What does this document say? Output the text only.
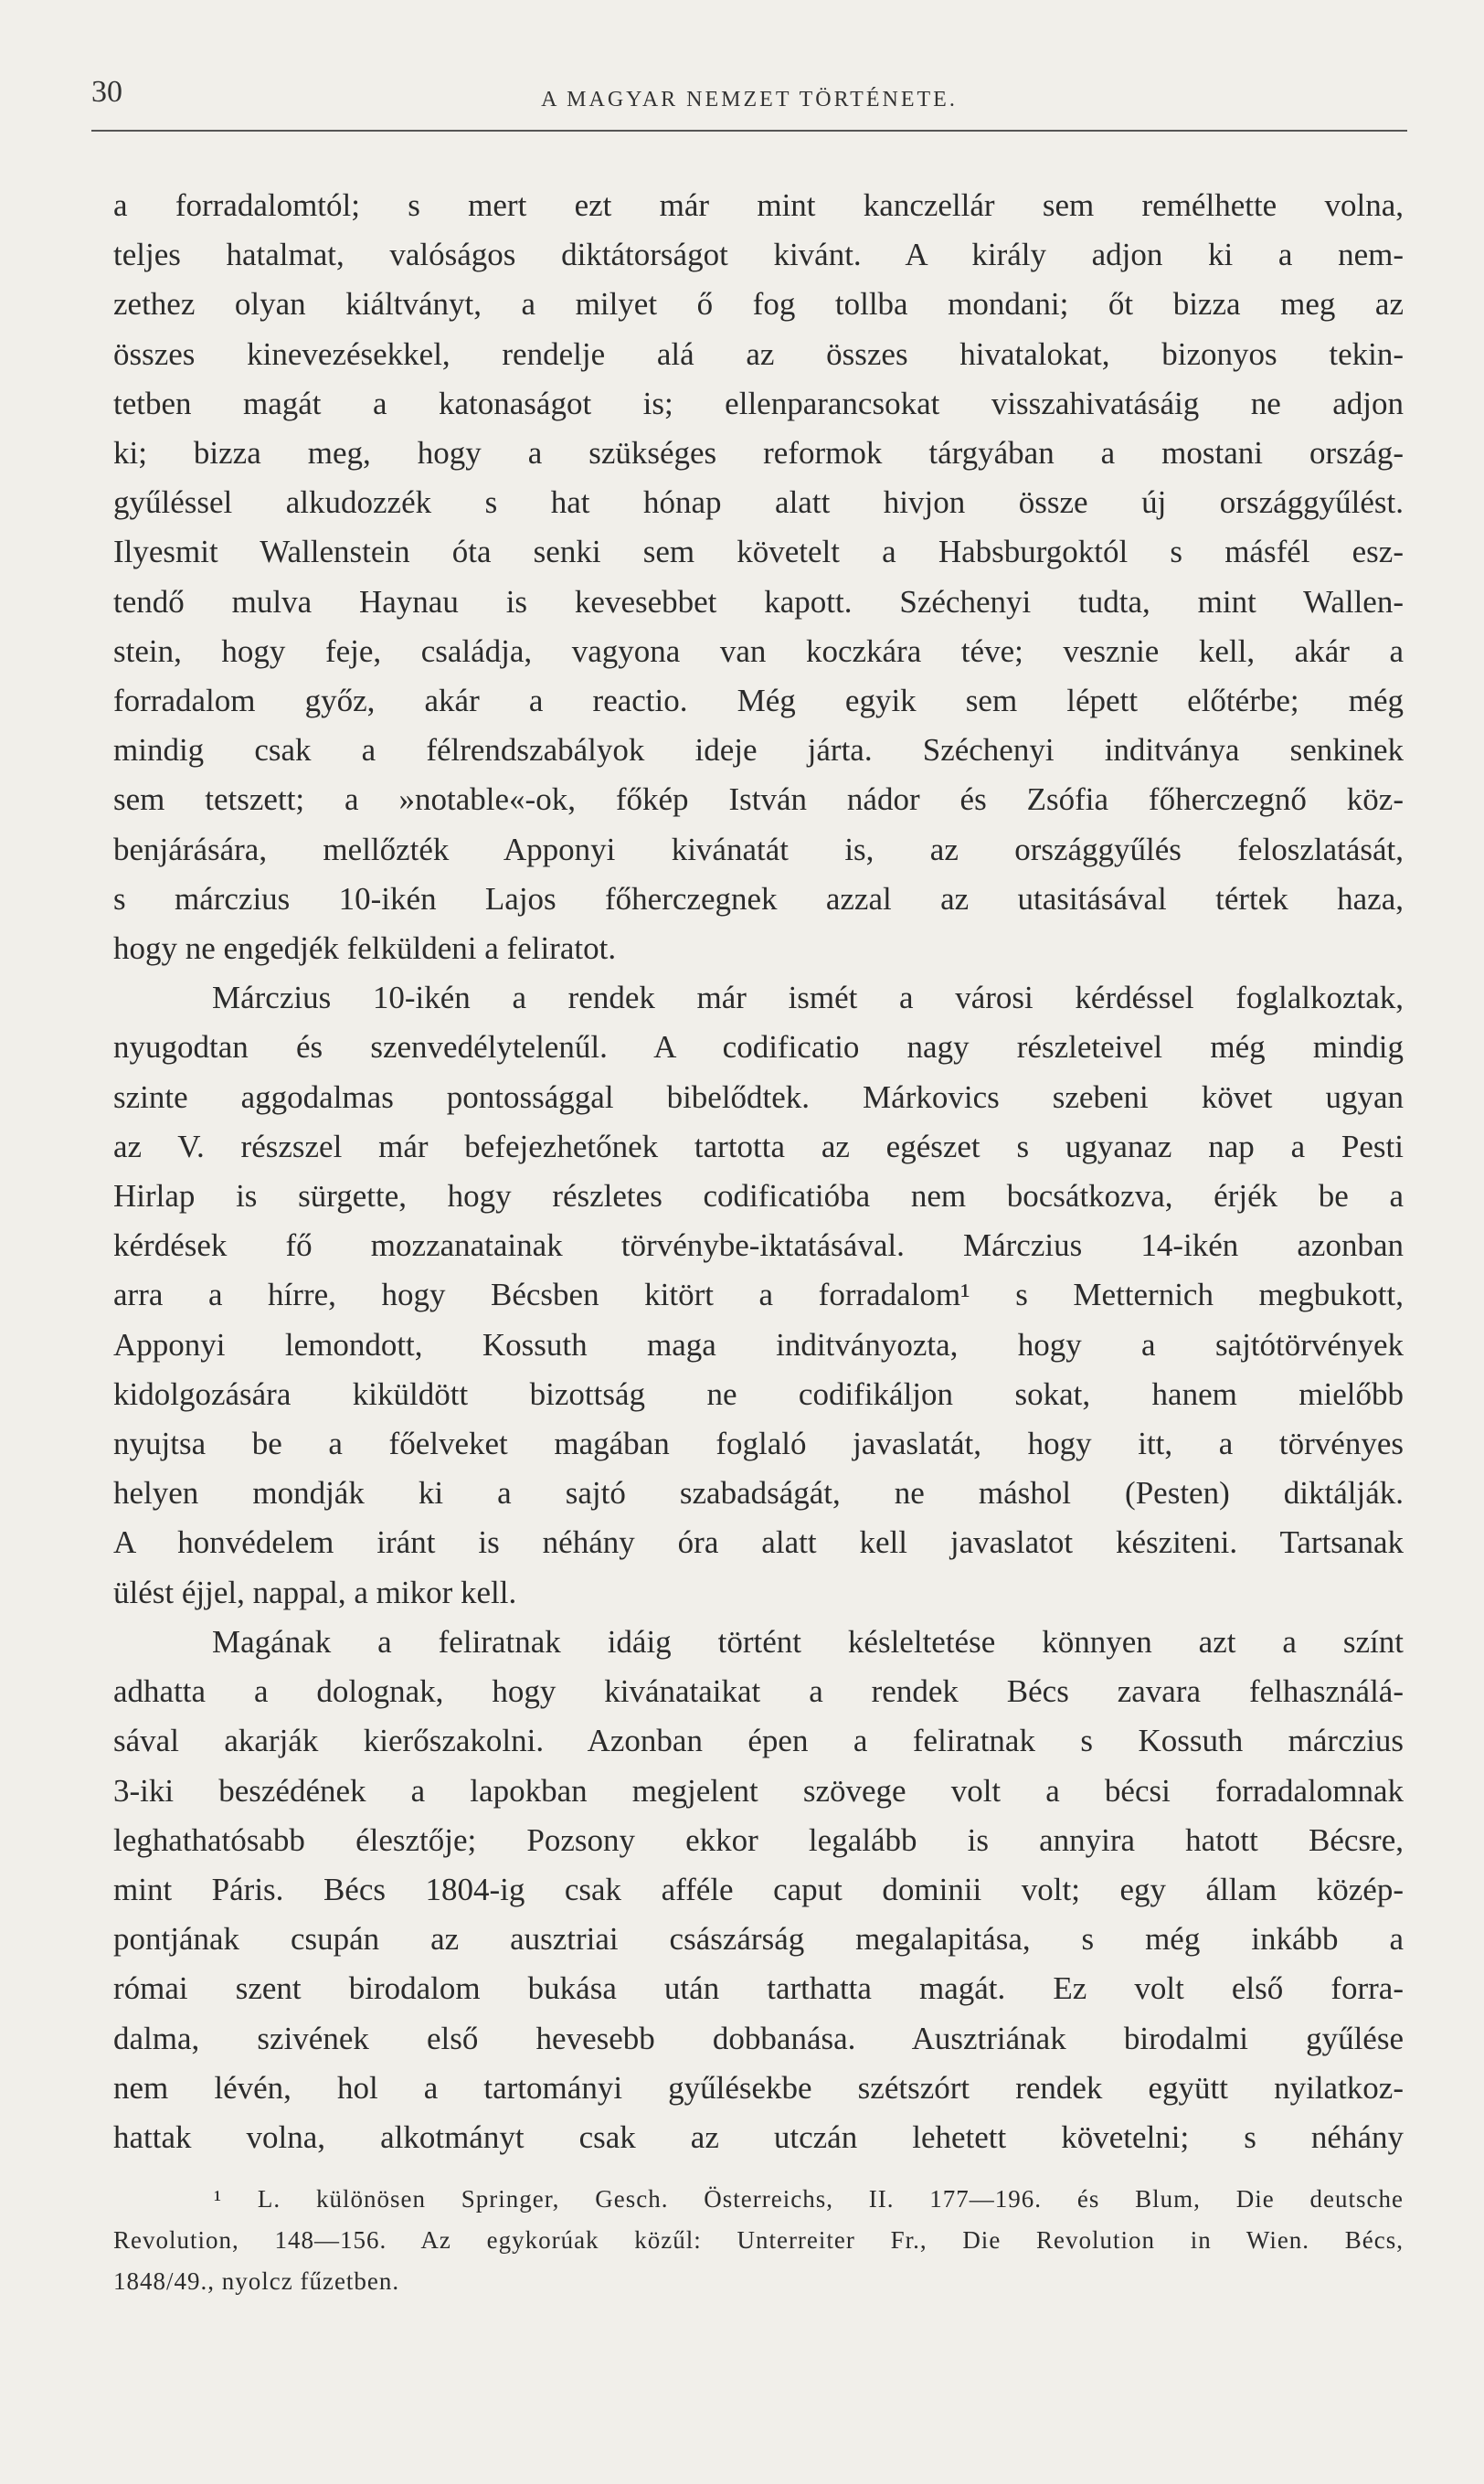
30	A MAGYAR NEMZET TÖRTÉNETE.
a forradalomtól; s mert ezt már mint kanczellár sem remélhette volna,
teljes hatalmat, valóságos diktátorságot kivánt. A király adjon ki a nem-
zethez olyan kiáltványt, a milyet ő fog tollba mondani; őt bizza meg az
összes kinevezésekkel, rendelje alá az összes hivatalokat, bizonyos tekin-
tetben magát a katonaságot is; ellenparancsokat visszahivatásáig ne adjon
ki; bizza meg, hogy a szükséges reformok tárgyában a mostani ország-
gyűléssel alkudozzék s hat hónap alatt hivjon össze új országgyűlést.
Ilyesmit Wallenstein óta senki sem követelt a Habsburgoktól s másfél esz-
tendő mulva Haynau is kevesebbet kapott. Széchenyi tudta, mint Wallen-
stein, hogy feje, családja, vagyona van koczkára téve; vesznie kell, akár a
forradalom győz, akár a reactio. Még egyik sem lépett előtérbe; még
mindig csak a félrendszabályok ideje járta. Széchenyi inditványa senkinek
sem tetszett; a »notable«-ok, főkép István nádor és Zsófia főherczegnő köz-
benjárására, mellőzték Apponyi kivánatát is, az országgyűlés feloszlatását,
s márczius 10-ikén Lajos főherczegnek azzal az utasitásával tértek haza,
hogy ne engedjék felküldeni a feliratot.
Márczius 10-ikén a rendek már ismét a városi kérdéssel foglalkoztak,
nyugodtan és szenvedélytelenűl. A codificatio nagy részleteivel még mindig
szinte aggodalmas pontossággal bibelődtek. Márkovics szebeni követ ugyan
az V. részszel már befejezhetőnek tartotta az egészet s ugyanaz nap a Pesti
Hirlap is sürgette, hogy részletes codificatióba nem bocsátkozva, érjék be a
kérdések fő mozzanatainak törvénybe-iktatásával. Márczius 14-ikén azonban
arra a hírre, hogy Bécsben kitört a forradalom¹ s Metternich megbukott,
Apponyi lemondott, Kossuth maga inditványozta, hogy a sajtótörvények
kidolgozására kiküldött bizottság ne codifikáljon sokat, hanem mielőbb
nyujtsa be a főelveket magában foglaló javaslatát, hogy itt, a törvényes
helyen mondják ki a sajtó szabadságát, ne máshol (Pesten) diktálják.
A honvédelem iránt is néhány óra alatt kell javaslatot késziteni. Tartsanak
ülést éjjel, nappal, a mikor kell.
Magának a feliratnak idáig történt késleltetése könnyen azt a színt
adhatta a dolognak, hogy kivánataikat a rendek Bécs zavara felhasználá-
sával akarják kierőszakolni. Azonban épen a feliratnak s Kossuth márczius
3-iki beszédének a lapokban megjelent szövege volt a bécsi forradalomnak
leghathatósabb élesztője; Pozsony ekkor legalább is annyira hatott Bécsre,
mint Páris. Bécs 1804-ig csak afféle caput dominii volt; egy állam közép-
pontjának csupán az ausztriai császárság megalapitása, s még inkább a
római szent birodalom bukása után tarthatta magát. Ez volt első forra-
dalma, szivének első hevesebb dobbanása. Ausztriának birodalmi gyűlése
nem lévén, hol a tartományi gyűlésekbe szétszórt rendek együtt nyilatkoz-
hattak volna, alkotmányt csak az utczán lehetett követelni; s néhány
¹ L. különösen Springer, Gesch. Österreichs, II. 177—196. és Blum, Die deutsche
Revolution, 148—156. Az egykorúak közűl: Unterreiter Fr., Die Revolution in Wien. Bécs,
1848/49., nyolcz fűzetben.
